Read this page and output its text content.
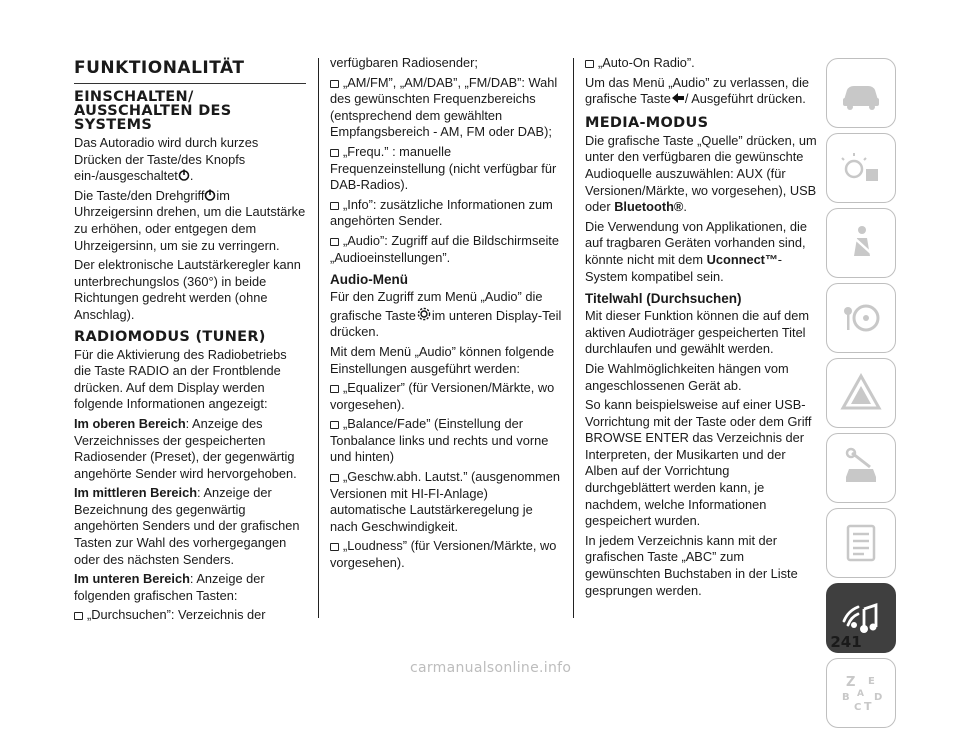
FUNKTIONALITÄT
EINSCHALTEN/ AUSSCHALTEN DES SYSTEMS

Das Autoradio wird durch kurzes Drücken der Taste/des Knopfs ein-/ausgeschaltet .

Die Taste/den Drehgriff im Uhrzeigersinn drehen, um die Lautstärke zu erhöhen, oder entgegen dem Uhrzeigersinn, um sie zu verringern.

Der elektronische Lautstärkeregler kann unterbrechungslos (360°) in beide Richtungen gedreht werden (ohne Anschlag).

RADIOMODUS (TUNER)

Für die Aktivierung des Radiobetriebs die Taste RADIO an der Frontblende drücken. Auf dem Display werden folgende Informationen angezeigt:

Im oberen Bereich: Anzeige des Verzeichnisses der gespeicherten Radiosender (Preset), der gegenwärtig angehörte Sender wird hervorgehoben.

Im mittleren Bereich: Anzeige der Bezeichnung des gegenwärtig angehörten Senders und der grafischen Tasten zur Wahl des vorhergegangen oder des nächsten Senders.

Im unteren Bereich: Anzeige der folgenden grafischen Tasten:

„Durchsuchen”: Verzeichnis der

verfügbaren Radiosender;

„AM/FM”, „AM/DAB”, „FM/DAB”: Wahl des gewünschten Frequenzbereichs (entsprechend dem gewählten Empfangsbereich - AM, FM oder DAB);

„Frequ.” : manuelle Frequenzeinstellung (nicht verfügbar für DAB-Radios).

„Info”: zusätzliche Informationen zum angehörten Sender.

„Audio”: Zugriff auf die Bildschirmseite „Audioeinstellungen”.

Audio-Menü

Für den Zugriff zum Menü „Audio” die grafische Taste im unteren Display-Teil drücken.

Mit dem Menü „Audio” können folgende Einstellungen ausgeführt werden:

„Equalizer” (für Versionen/Märkte, wo vorgesehen).

„Balance/Fade” (Einstellung der Tonbalance links und rechts und vorne und hinten)

„Geschw.abh. Lautst.” (ausgenommen Versionen mit HI-FI-Anlage) automatische Lautstärkeregelung je nach Geschwindigkeit.

„Loudness” (für Versionen/Märkte, wo vorgesehen).

„Auto-On Radio”.

Um das Menü „Audio” zu verlassen, die grafische Taste / Ausgeführt drücken.

MEDIA-MODUS

Die grafische Taste „Quelle” drücken, um unter den verfügbaren die gewünschte Audioquelle auszuwählen: AUX (für Versionen/Märkte, wo vorgesehen), USB oder Bluetooth®.

Die Verwendung von Applikationen, die auf tragbaren Geräten vorhanden sind, könnte nicht mit dem Uconnect™-System kompatibel sein.

Titelwahl (Durchsuchen)

Mit dieser Funktion können die auf dem aktiven Audioträger gespeicherten Titel durchlaufen und gewählt werden.

Die Wahlmöglichkeiten hängen vom angeschlossenen Gerät ab.

So kann beispielsweise auf einer USB-Vorrichtung mit der Taste oder dem Griff BROWSE ENTER das Verzeichnis der Interpreten, der Musikarten und der Alben auf der Vorrichtung durchgeblättert werden kann, je nachdem, welche Informationen gespeichert wurden.

In jedem Verzeichnis kann mit der grafischen Taste „ABC” zum gewünschten Buchstaben in der Liste gesprungen werden.

Z E
B
C T
D
A
241
carmanualsonline.info
